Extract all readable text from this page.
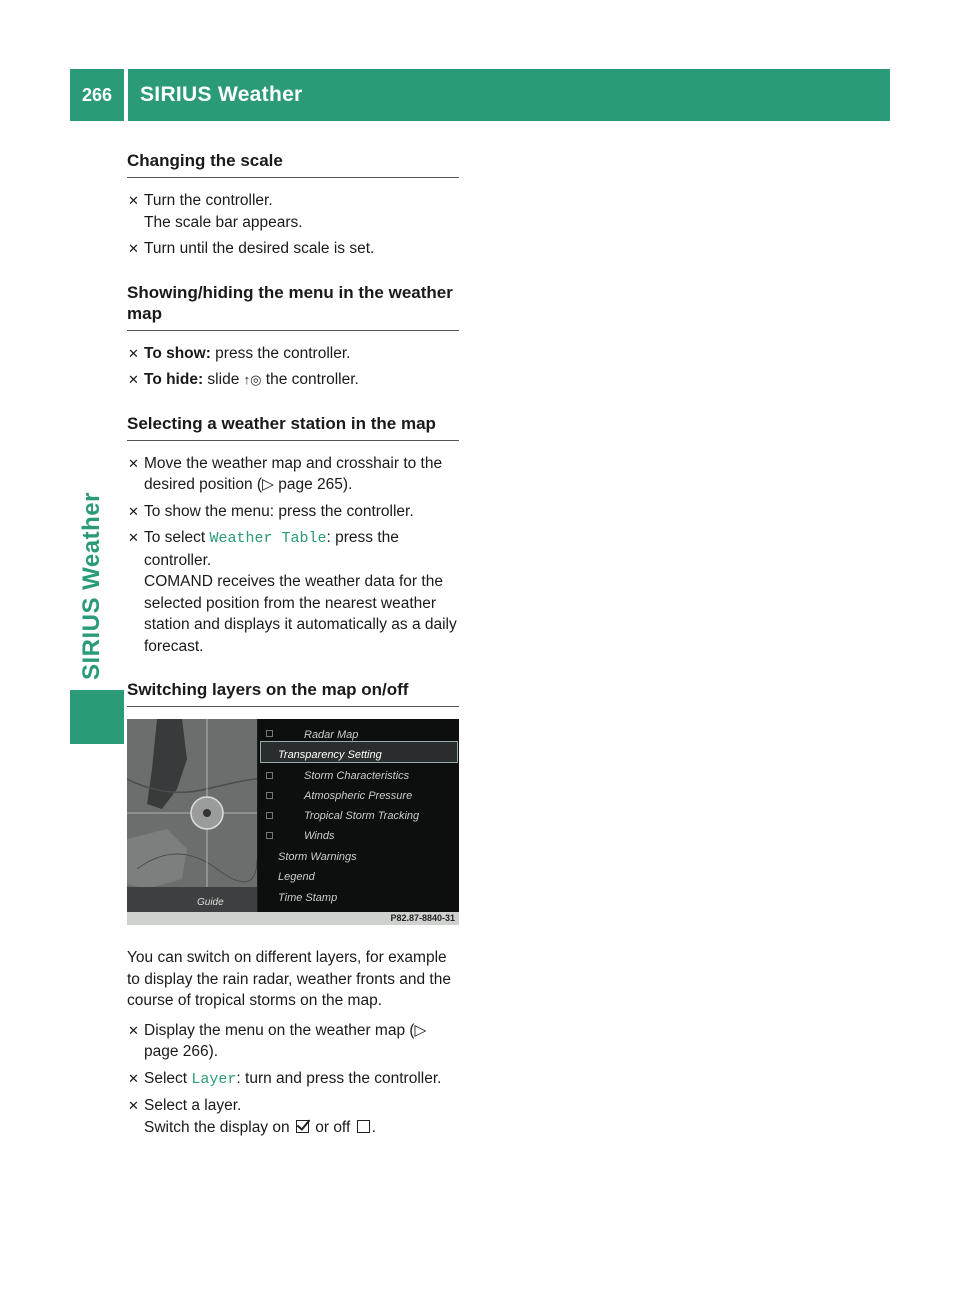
266	SIRIUS Weather
SIRIUS Weather
Changing the scale
✕ Turn the controller.
The scale bar appears.
✕ Turn until the desired scale is set.
Showing/hiding the menu in the weather map
✕ To show: press the controller.
✕ To hide: slide ↑◎ the controller.
Selecting a weather station in the map
✕ Move the weather map and crosshair to the desired position (▷ page 265).
✕ To show the menu: press the controller.
✕ To select Weather Table: press the controller.
COMAND receives the weather data for the selected position from the nearest weather station and displays it automatically as a daily forecast.
Switching layers on the map on/off
Guide
Radar Map
Transparency Setting
Storm Characteristics
Atmospheric Pressure
Tropical Storm Tracking
Winds
Storm Warnings
Legend
Time Stamp
P82.87-8840-31

You can switch on different layers, for example to display the rain radar, weather fronts and the course of tropical storms on the map.

✕ Display the menu on the weather map (▷ page 266).
✕ Select Layer: turn and press the controller.
✕ Select a layer.
Switch the display on  or off .
